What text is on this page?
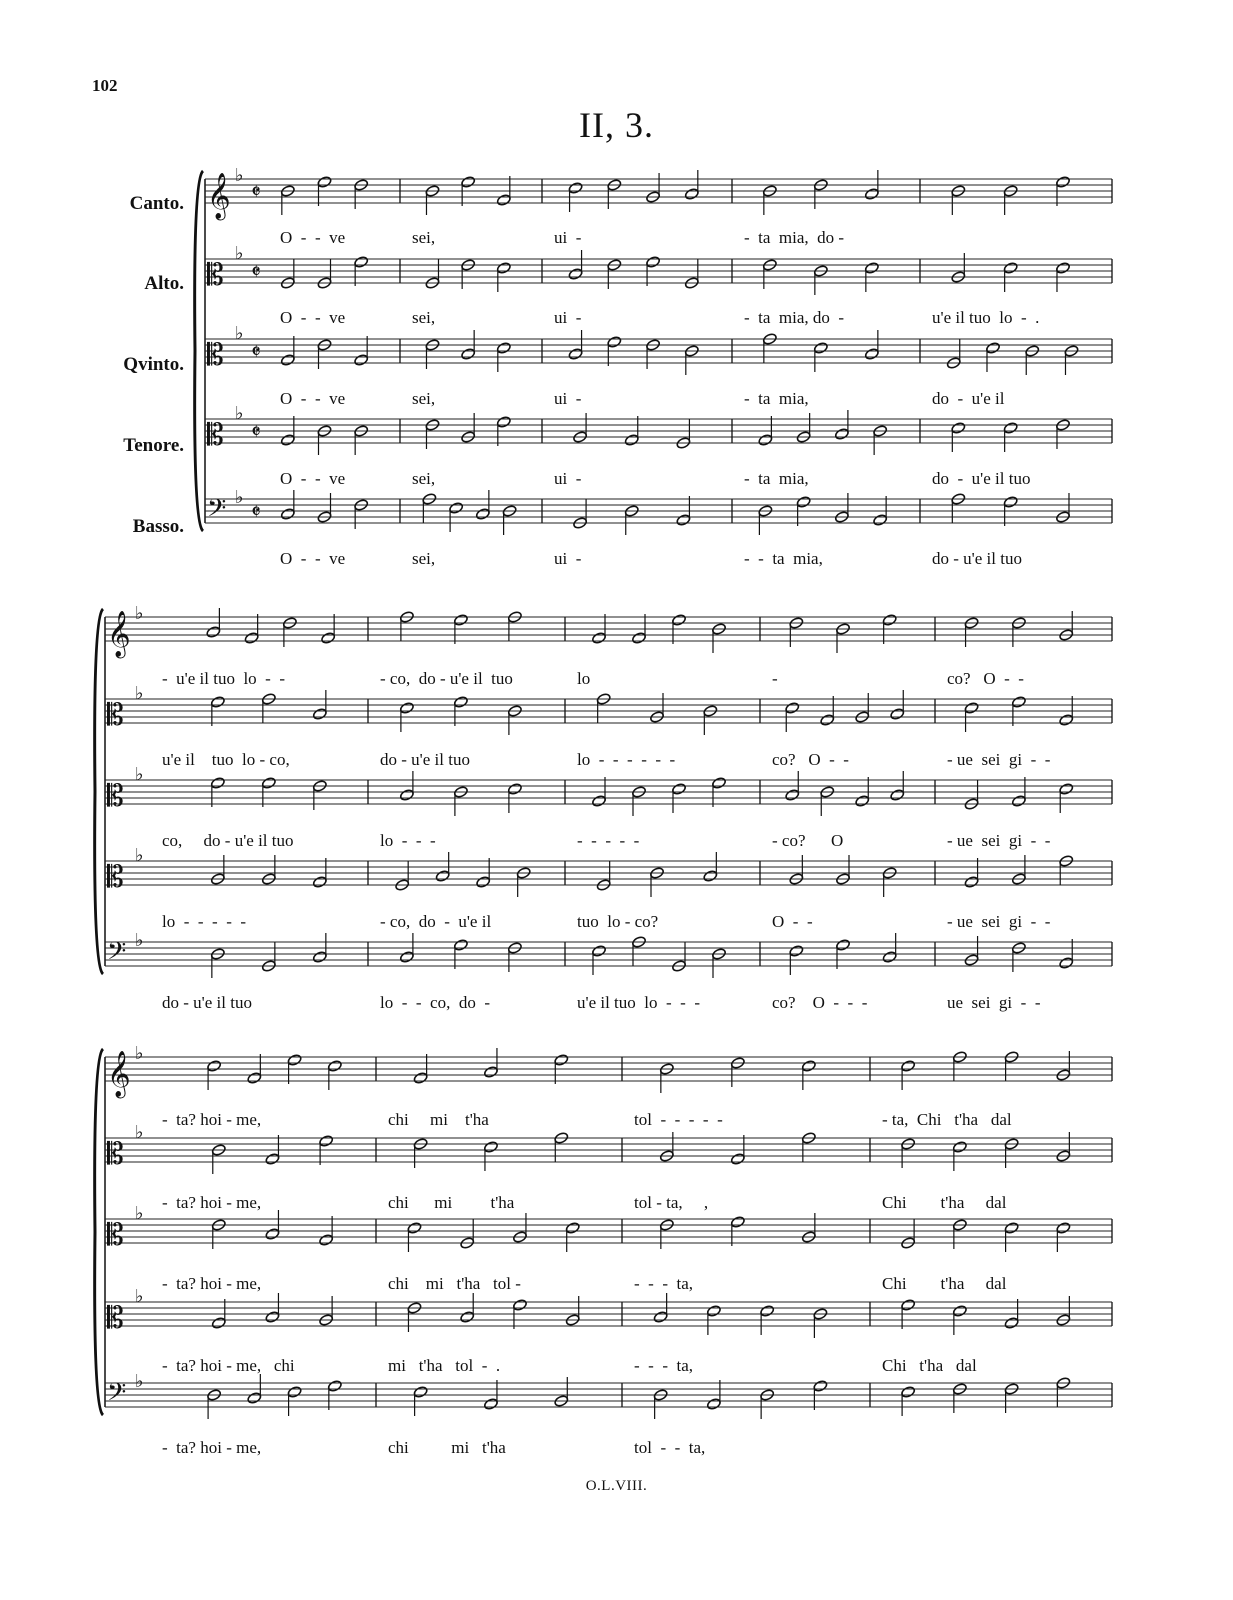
102
II, 3.
Canto.
Alto.
Qvinto.
Tenore.
Basso.
𝄞 ♭
𝄵
𝄡
♭
𝄵
𝄡
♭
𝄵
𝄡
♭
𝄵
𝄢 ♭
𝄵
𝄞 ♭
𝄡
♭
𝄡
♭
𝄡
♭
𝄢 ♭
𝄞 ♭
𝄡
♭
𝄡
♭
𝄡
♭
𝄢 ♭
O  -  -  ve	sei,	ui  -	-  ta  mia,  do -
O  -  -  ve	sei,	ui  -	-  ta  mia, do  -	u'e il tuo  lo  -  .
O  -  -  ve	sei,	ui  -	-  ta  mia,	do  -  u'e il
O  -  -  ve	sei,	ui  -	-  ta  mia,	do  -  u'e il tuo
O  -  -  ve	sei,	ui  -	-  -  ta  mia,	do - u'e il tuo
-  u'e il tuo  lo  -  -	- co,  do - u'e il  tuo	lo	-	co?   O  -  -
u'e il    tuo  lo - co,	do - u'e il tuo	lo  -  -  -  -  -  -	co?   O  -  -	- ue  sei  gi  -  -
co,     do - u'e il tuo	lo  -  -  -	-  -  -  -  -	- co?      O	- ue  sei  gi  -  -
lo  -  -  -  -  -	- co,  do  -  u'e il	tuo  lo - co?	O  -  -	- ue  sei  gi  -  -
do - u'e il tuo	lo  -  -  co,  do  -	u'e il tuo  lo  -  -  -	co?    O  -  -  -	ue  sei  gi  -  -
-  ta? hoi - me,	chi     mi    t'ha	tol  -  -  -  -  -	- ta,  Chi   t'ha   dal
-  ta? hoi - me,	chi      mi         t'ha	tol - ta,     ,	Chi        t'ha     dal
-  ta? hoi - me,	chi    mi   t'ha   tol -	-  -  -  ta,	Chi        t'ha     dal
-  ta? hoi - me,   chi	mi   t'ha   tol  -  .	-  -  -  ta,	Chi   t'ha   dal
-  ta? hoi - me,	chi          mi   t'ha	tol  -  -  ta,
O.L.VIII.
